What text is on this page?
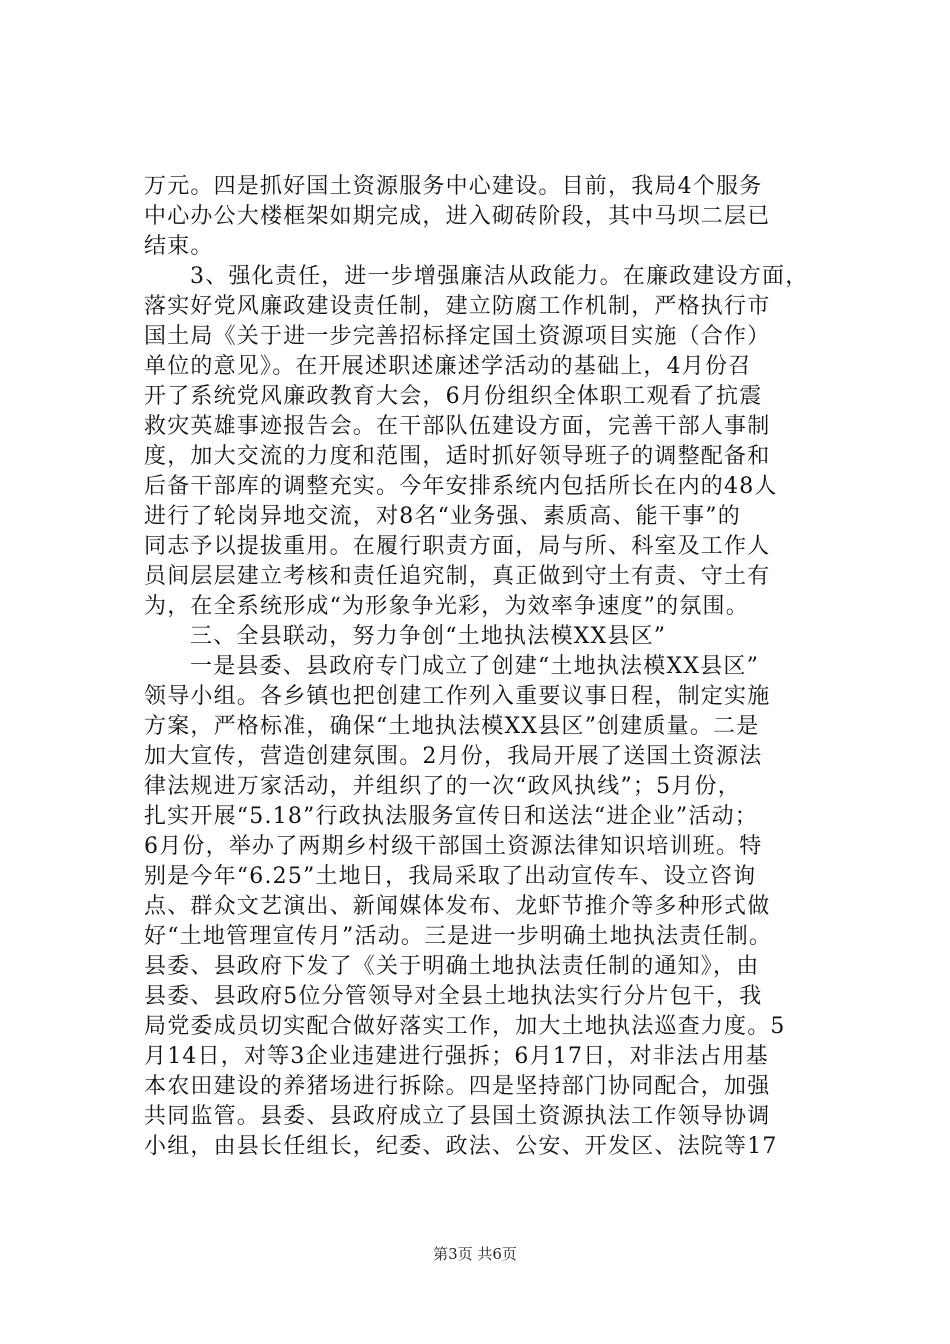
万元。四是抓好国土资源服务中心建设。目前，我局4个服务
中心办公大楼框架如期完成，进入砌砖阶段，其中马坝二层已
结束。
3、强化责任，进一步增强廉洁从政能力。在廉政建设方面，
落实好党风廉政建设责任制，建立防腐工作机制，严格执行市
国土局《关于进一步完善招标择定国土资源项目实施（合作）
单位的意见》。在开展述职述廉述学活动的基础上，4月份召
开了系统党风廉政教育大会，6月份组织全体职工观看了抗震
救灾英雄事迹报告会。在干部队伍建设方面，完善干部人事制
度，加大交流的力度和范围，适时抓好领导班子的调整配备和
后备干部库的调整充实。今年安排系统内包括所长在内的48人
进行了轮岗异地交流，对8名“业务强、素质高、能干事”的
同志予以提拔重用。在履行职责方面，局与所、科室及工作人
员间层层建立考核和责任追究制，真正做到守土有责、守土有
为，在全系统形成“为形象争光彩，为效率争速度”的氛围。
三、全县联动，努力争创“土地执法模XX县区”
一是县委、县政府专门成立了创建“土地执法模XX县区”
领导小组。各乡镇也把创建工作列入重要议事日程，制定实施
方案，严格标准，确保“土地执法模XX县区”创建质量。二是
加大宣传，营造创建氛围。2月份，我局开展了送国土资源法
律法规进万家活动，并组织了的一次“政风执线”；5月份，
扎实开展“5.18”行政执法服务宣传日和送法“进企业”活动；
6月份，举办了两期乡村级干部国土资源法律知识培训班。特
别是今年“6.25”土地日，我局采取了出动宣传车、设立咨询
点、群众文艺演出、新闻媒体发布、龙虾节推介等多种形式做
好“土地管理宣传月”活动。三是进一步明确土地执法责任制。
县委、县政府下发了《关于明确土地执法责任制的通知》，由
县委、县政府5位分管领导对全县土地执法实行分片包干，我
局党委成员切实配合做好落实工作，加大土地执法巡查力度。5
月14日，对等3企业违建进行强拆；6月17日，对非法占用基
本农田建设的养猪场进行拆除。四是坚持部门协同配合，加强
共同监管。县委、县政府成立了县国土资源执法工作领导协调
小组，由县长任组长，纪委、政法、公安、开发区、法院等17
第3页 共6页
